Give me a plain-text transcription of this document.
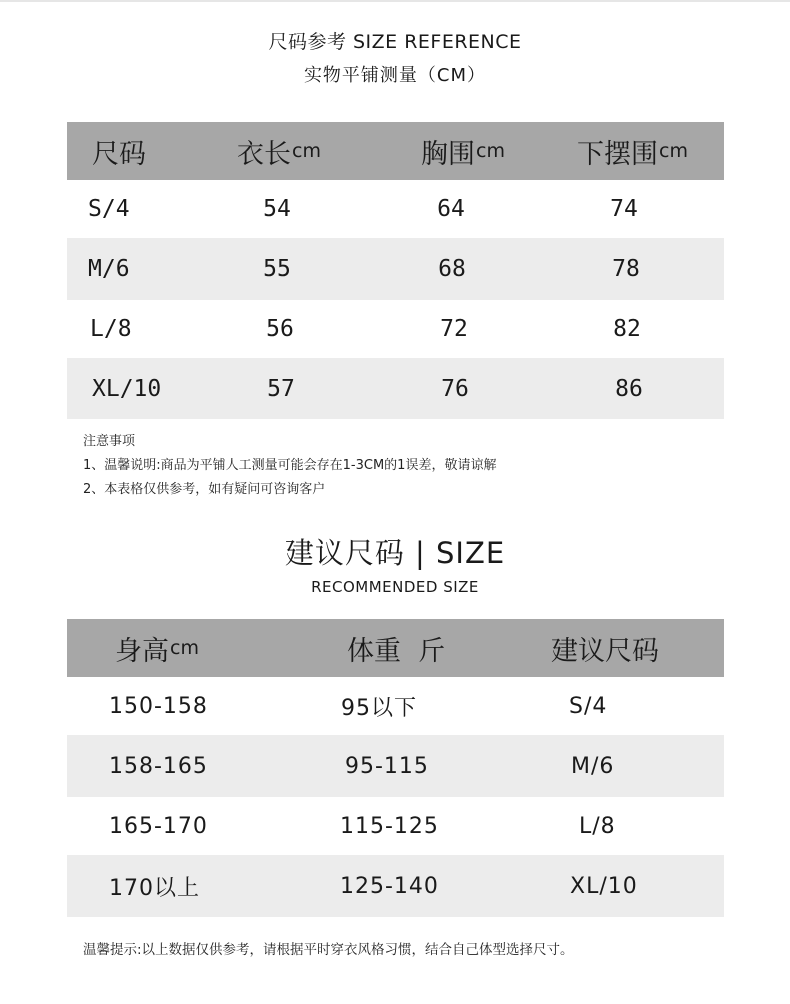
尺码参考 SIZE REFERENCE
实物平铺测量（CM）
尺码	衣长 cm	胸围 cm	下摆围 cm
S/4	54	64	74
M/6	55	68	78
L/8	56	72	82
XL/10	57	76	86
注意事项
1、温馨说明:商品为平铺人工测量可能会存在1-3CM的1误差，敬请谅解
2、本表格仅供参考，如有疑问可咨询客户
建议尺码 | SIZE
RECOMMENDED SIZE
身高 cm	体重  斤	建议尺码
150-158	95以下	S/4
158-165	95-115	M/6
165-170	115-125	L/8
170以上	125-140	XL/10
温馨提示:以上数据仅供参考，请根据平时穿衣风格习惯，结合自己体型选择尺寸。
